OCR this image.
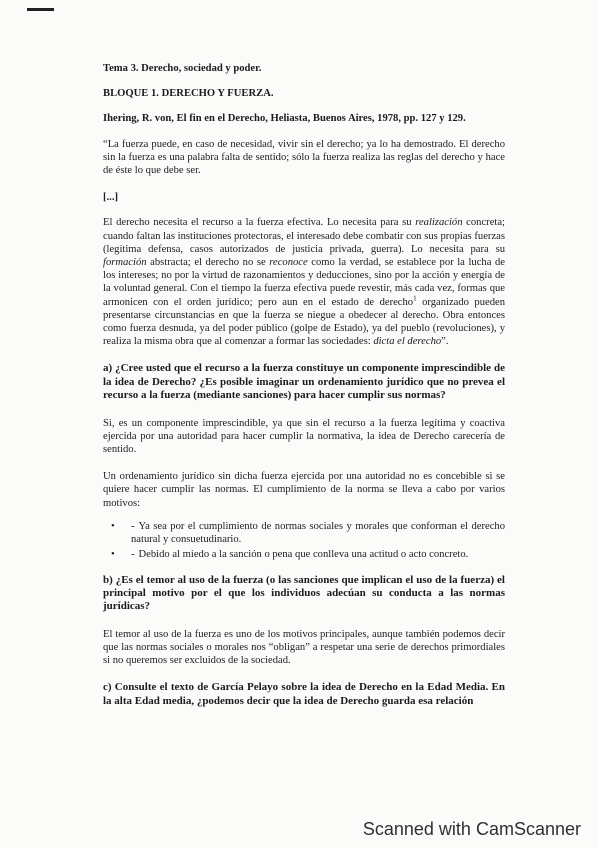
Tema 3. Derecho, sociedad y poder.

BLOQUE 1. DERECHO Y FUERZA.

Ihering, R. von, El fin en el Derecho, Heliasta, Buenos Aires, 1978, pp. 127 y 129.

“La fuerza puede, en caso de necesidad, vivir sin el derecho; ya lo ha demostrado. El derecho sin la fuerza es una palabra falta de sentido; sólo la fuerza realiza las reglas del derecho y hace de éste lo que debe ser.

[...]

El derecho necesita el recurso a la fuerza efectiva. Lo necesita para su realización concreta; cuando faltan las instituciones protectoras, el interesado debe combatir con sus propias fuerzas (legítima defensa, casos autorizados de justicia privada, guerra). Lo necesita para su formación abstracta; el derecho no se reconoce como la verdad, se establece por la lucha de los intereses; no por la virtud de razonamientos y deducciones, sino por la acción y energía de la voluntad general. Con el tiempo la fuerza efectiva puede revestir, más cada vez, formas que armonicen con el orden jurídico; pero aun en el estado de derecho$^1$ organizado pueden presentarse circunstancias en que la fuerza se niegue a obedecer al derecho. Obra entonces como fuerza desnuda, ya del poder público (golpe de Estado), ya del pueblo (revoluciones), y realiza la misma obra que al comenzar a formar las sociedades: dicta el derecho”.

a) ¿Cree usted que el recurso a la fuerza constituye un componente imprescindible de la idea de Derecho? ¿Es posible imaginar un ordenamiento jurídico que no prevea el recurso a la fuerza (mediante sanciones) para hacer cumplir sus normas?

Si, es un componente imprescindible, ya que sin el recurso a la fuerza legítima y coactiva ejercida por una autoridad para hacer cumplir la normativa, la idea de Derecho carecería de sentido.

Un ordenamiento jurídico sin dicha fuerza ejercida por una autoridad no es concebible si se quiere hacer cumplir las normas. El cumplimiento de la norma se lleva a cabo por varios motivos:

• - Ya sea por el cumplimiento de normas sociales y morales que conforman el derecho natural y consuetudinario.
• - Debido al miedo a la sanción o pena que conlleva una actitud o acto concreto.

b) ¿Es el temor al uso de la fuerza (o las sanciones que implican el uso de la fuerza) el principal motivo por el que los individuos adecúan su conducta a las normas jurídicas?

El temor al uso de la fuerza es uno de los motivos principales, aunque también podemos decir que las normas sociales o morales nos “obligan” a respetar una serie de derechos primordiales si no queremos ser excluidos de la sociedad.

c) Consulte el texto de García Pelayo sobre la idea de Derecho en la Edad Media. En la alta Edad media, ¿podemos decir que la idea de Derecho guarda esa relación

Scanned with CamScanner
